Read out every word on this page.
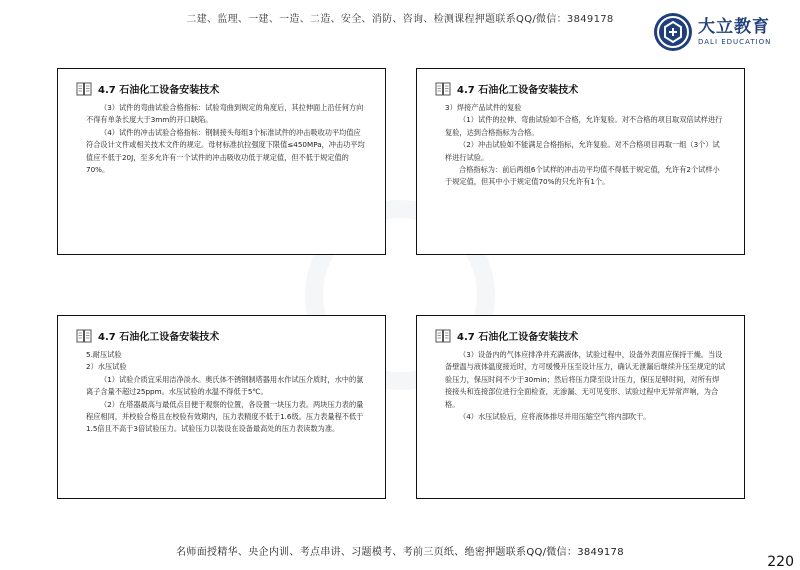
二建、监理、一建、一造、二造、安全、消防、咨询、检测课程押题联系QQ/微信：3849178	大立教育
DALI EDUCATION
4.7 石油化工设备安装技术

（3）试件的弯曲试验合格指标：试验弯曲到规定的角度后，其拉伸面上沿任何方向不得有单条长度大于3mm的开口缺陷。

（4）试件的冲击试验合格指标：钢制接头每组3个标准试件的冲击吸收功平均值应符合设计文件或相关技术文件的规定。母材标准抗拉强度下限值≤450MPa，冲击功平均值应不低于20J，至多允许有一个试件的冲击吸收功低于规定值，但不低于规定值的70%。

4.7 石油化工设备安装技术

3）焊接产品试件的复验

（1）试件的拉伸、弯曲试验如不合格，允许复验。对不合格的项目取双倍试样进行复验，达到合格指标为合格。

（2）冲击试验如不能满足合格指标，允许复验。对不合格项目再取一组（3个）试样进行试验。

合格指标为：前后两组6个试样的冲击功平均值不得低于规定值，允许有2个试样小于规定值，但其中小于规定值70%的只允许有1个。

4.7 石油化工设备安装技术

5.耐压试验

2）水压试验

（1）试验介质宜采用洁净淡水。奥氏体不锈钢制塔器用水作试压介质时，水中的氯离子含量不超过25ppm。水压试验的水温不得低于5℃。

（2）在塔器最高与最低点目便于观察的位置，各设置一块压力表。两块压力表的量程应相同，并校验合格且在校验有效期内，压力表精度不低于1.6级。压力表量程不低于1.5倍且不高于3倍试验压力。试验压力以装设在设备最高处的压力表读数为准。

4.7 石油化工设备安装技术

（3）设备内的气体应排净并充满液体，试验过程中，设备外表面应保持干燥。当设备壁温与液体温度接近时，方可缓慢升压至设计压力，确认无泄漏后继续升压至规定的试验压力，保压时间不少于30min；然后将压力降至设计压力，保压足够时间，对所有焊接接头和连接部位进行全面检查，无渗漏、无可见变形、试验过程中无异常声响，为合格。

（4）水压试验后，应将液体排尽并用压缩空气将内部吹干。

名师面授精华、央企内训、考点串讲、习题模考、考前三页纸、绝密押题联系QQ/微信：3849178
220
